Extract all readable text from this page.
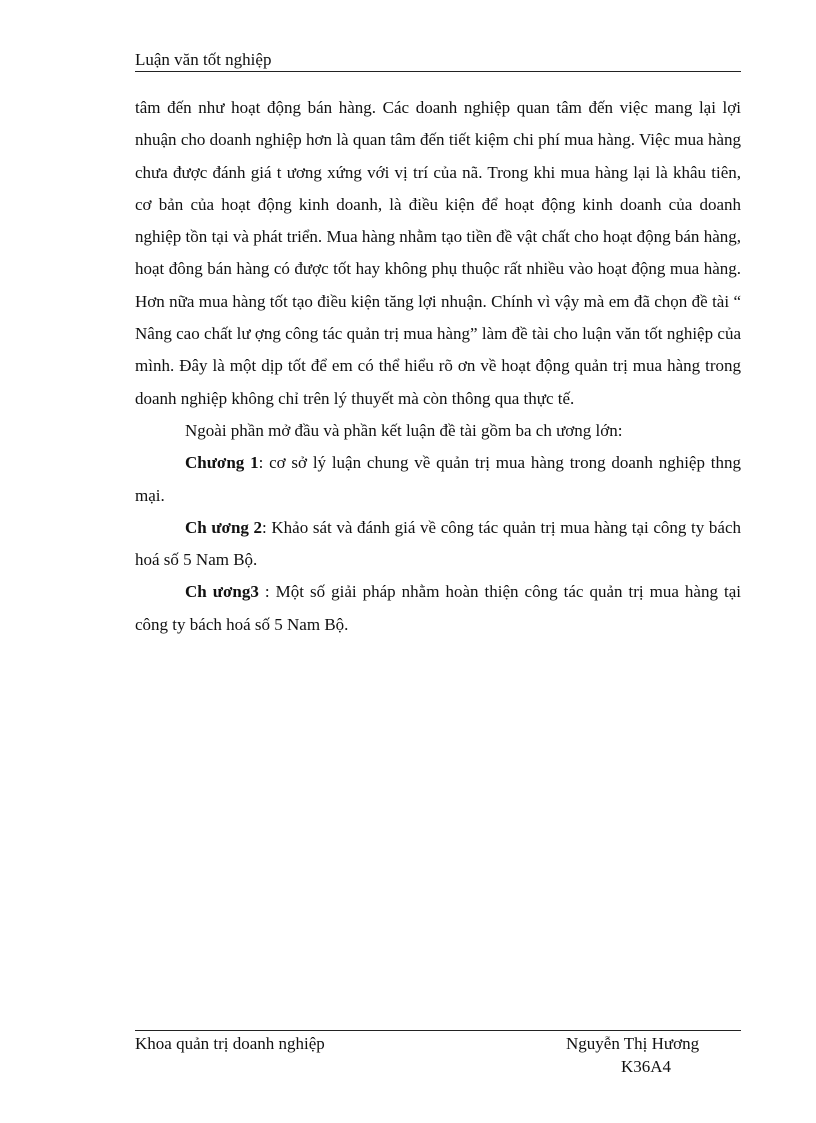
Luận văn tốt nghiệp

tâm đến như hoạt động bán hàng. Các doanh nghiệp quan tâm đến việc mang lại lợi nhuận cho doanh nghiệp hơn là quan tâm đến tiết kiệm chi phí mua hàng. Việc mua hàng chưa được đánh giá t ương xứng với vị trí của nã. Trong khi mua hàng lại là khâu tiên, cơ bản của hoạt động kinh doanh, là điều kiện để hoạt động kinh doanh của doanh nghiệp tồn tại và phát triển. Mua hàng nhằm tạo tiền đề vật chất cho hoạt động bán hàng, hoạt đông bán hàng có được tốt hay không phụ thuộc rất nhiều vào hoạt động mua hàng. Hơn nữa mua hàng tốt tạo điều kiện tăng lợi nhuận. Chính vì vậy mà em đã chọn đề tài “ Nâng cao chất lư ợng công tác quản trị mua hàng” làm đề tài cho luận văn tốt nghiệp của mình. Đây là một dịp tốt để em có thể hiểu rõ ơn về hoạt động quản trị mua hàng trong doanh nghiệp không chỉ trên lý thuyết mà còn thông qua thực tế.

Ngoài phần mở đầu và phần kết luận đề tài gồm ba ch ương lớn:

Chương 1: cơ sở lý luận chung về quản trị mua hàng trong doanh nghiệp thng mại.

Ch ương 2: Khảo sát và đánh giá về công tác quản trị mua hàng tại công ty bách hoá số 5 Nam Bộ.

Ch ương3 : Một số giải pháp nhằm hoàn thiện công tác quản trị mua hàng tại công ty bách hoá số 5 Nam Bộ.

Khoa quản trị doanh nghiệp	Nguyễn Thị Hương
K36A4
